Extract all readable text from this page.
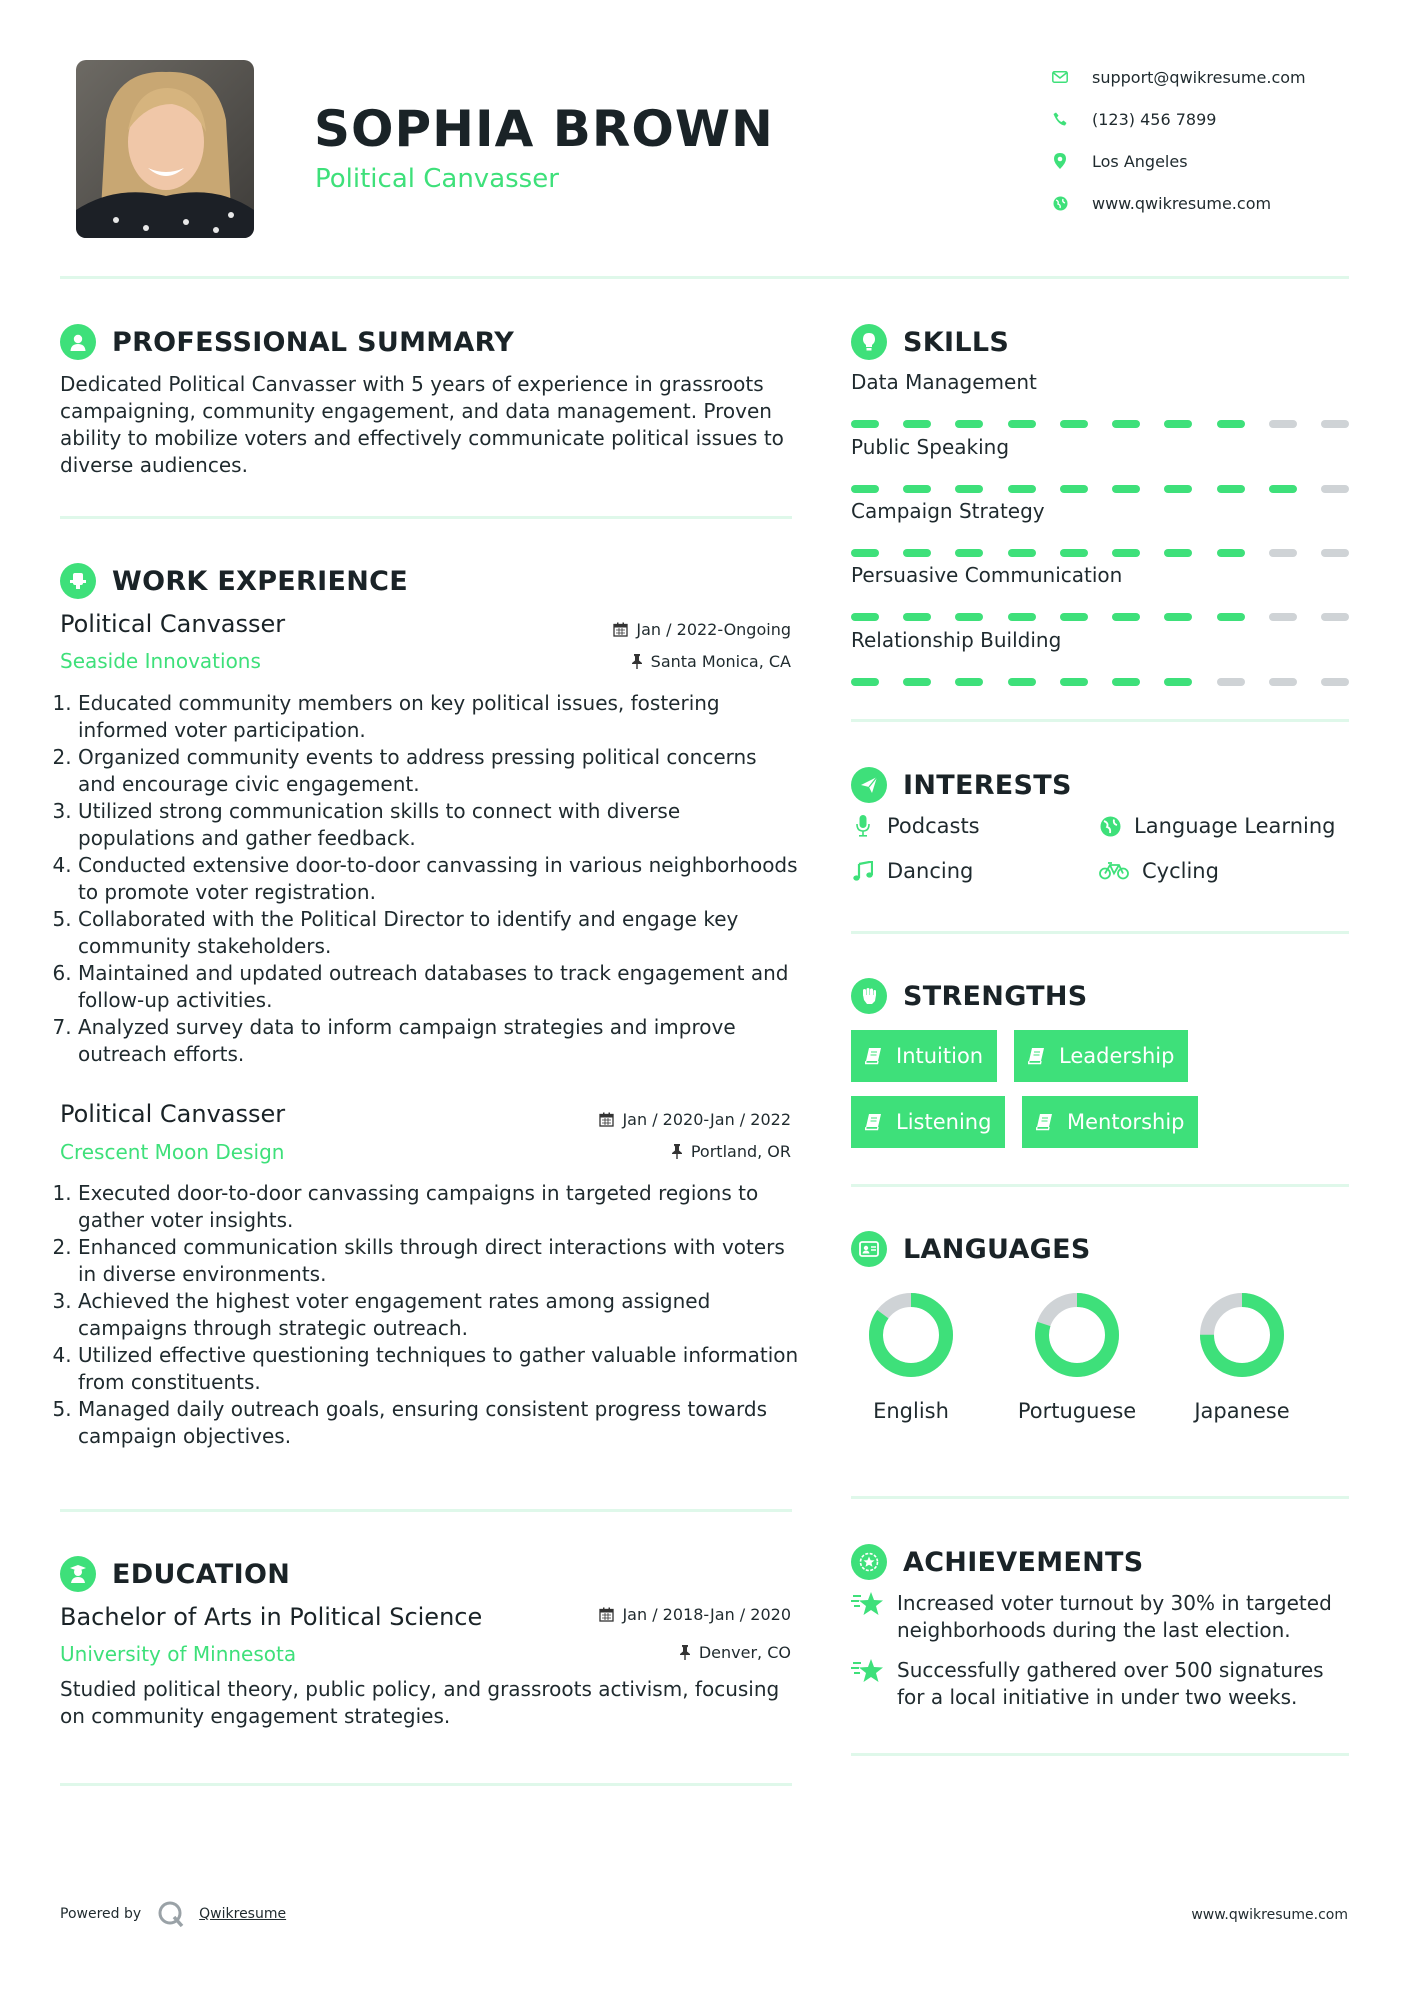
SOPHIA BROWN
Political Canvasser
support@qwikresume.com
(123) 456 7899
Los Angeles
www.qwikresume.com
PROFESSIONAL SUMMARY
Dedicated Political Canvasser with 5 years of experience in grassroots campaigning, community engagement, and data management. Proven ability to mobilize voters and effectively communicate political issues to diverse audiences.
WORK EXPERIENCE
Political Canvasser
Seaside Innovations
Jan / 2022-Ongoing
Santa Monica, CA
1. Educated community members on key political issues, fostering informed voter participation.
2. Organized community events to address pressing political concerns and encourage civic engagement.
3. Utilized strong communication skills to connect with diverse populations and gather feedback.
4. Conducted extensive door-to-door canvassing in various neighborhoods to promote voter registration.
5. Collaborated with the Political Director to identify and engage key community stakeholders.
6. Maintained and updated outreach databases to track engagement and follow-up activities.
7. Analyzed survey data to inform campaign strategies and improve outreach efforts.
Political Canvasser
Crescent Moon Design
Jan / 2020-Jan / 2022
Portland, OR
1. Executed door-to-door canvassing campaigns in targeted regions to gather voter insights.
2. Enhanced communication skills through direct interactions with voters in diverse environments.
3. Achieved the highest voter engagement rates among assigned campaigns through strategic outreach.
4. Utilized effective questioning techniques to gather valuable information from constituents.
5. Managed daily outreach goals, ensuring consistent progress towards campaign objectives.
EDUCATION
Bachelor of Arts in Political Science
University of Minnesota
Jan / 2018-Jan / 2020
Denver, CO
Studied political theory, public policy, and grassroots activism, focusing on community engagement strategies.
SKILLS
Data Management
Public Speaking
Campaign Strategy
Persuasive Communication
Relationship Building
INTERESTS
Podcasts	Language Learning
Dancing	Cycling
STRENGTHS
Intuition	Leadership
Listening	Mentorship
LANGUAGES
English	Portuguese	Japanese
ACHIEVEMENTS
Increased voter turnout by 30% in targeted neighborhoods during the last election.
Successfully gathered over 500 signatures for a local initiative in under two weeks.
Powered by	Qwikresume	www.qwikresume.com
